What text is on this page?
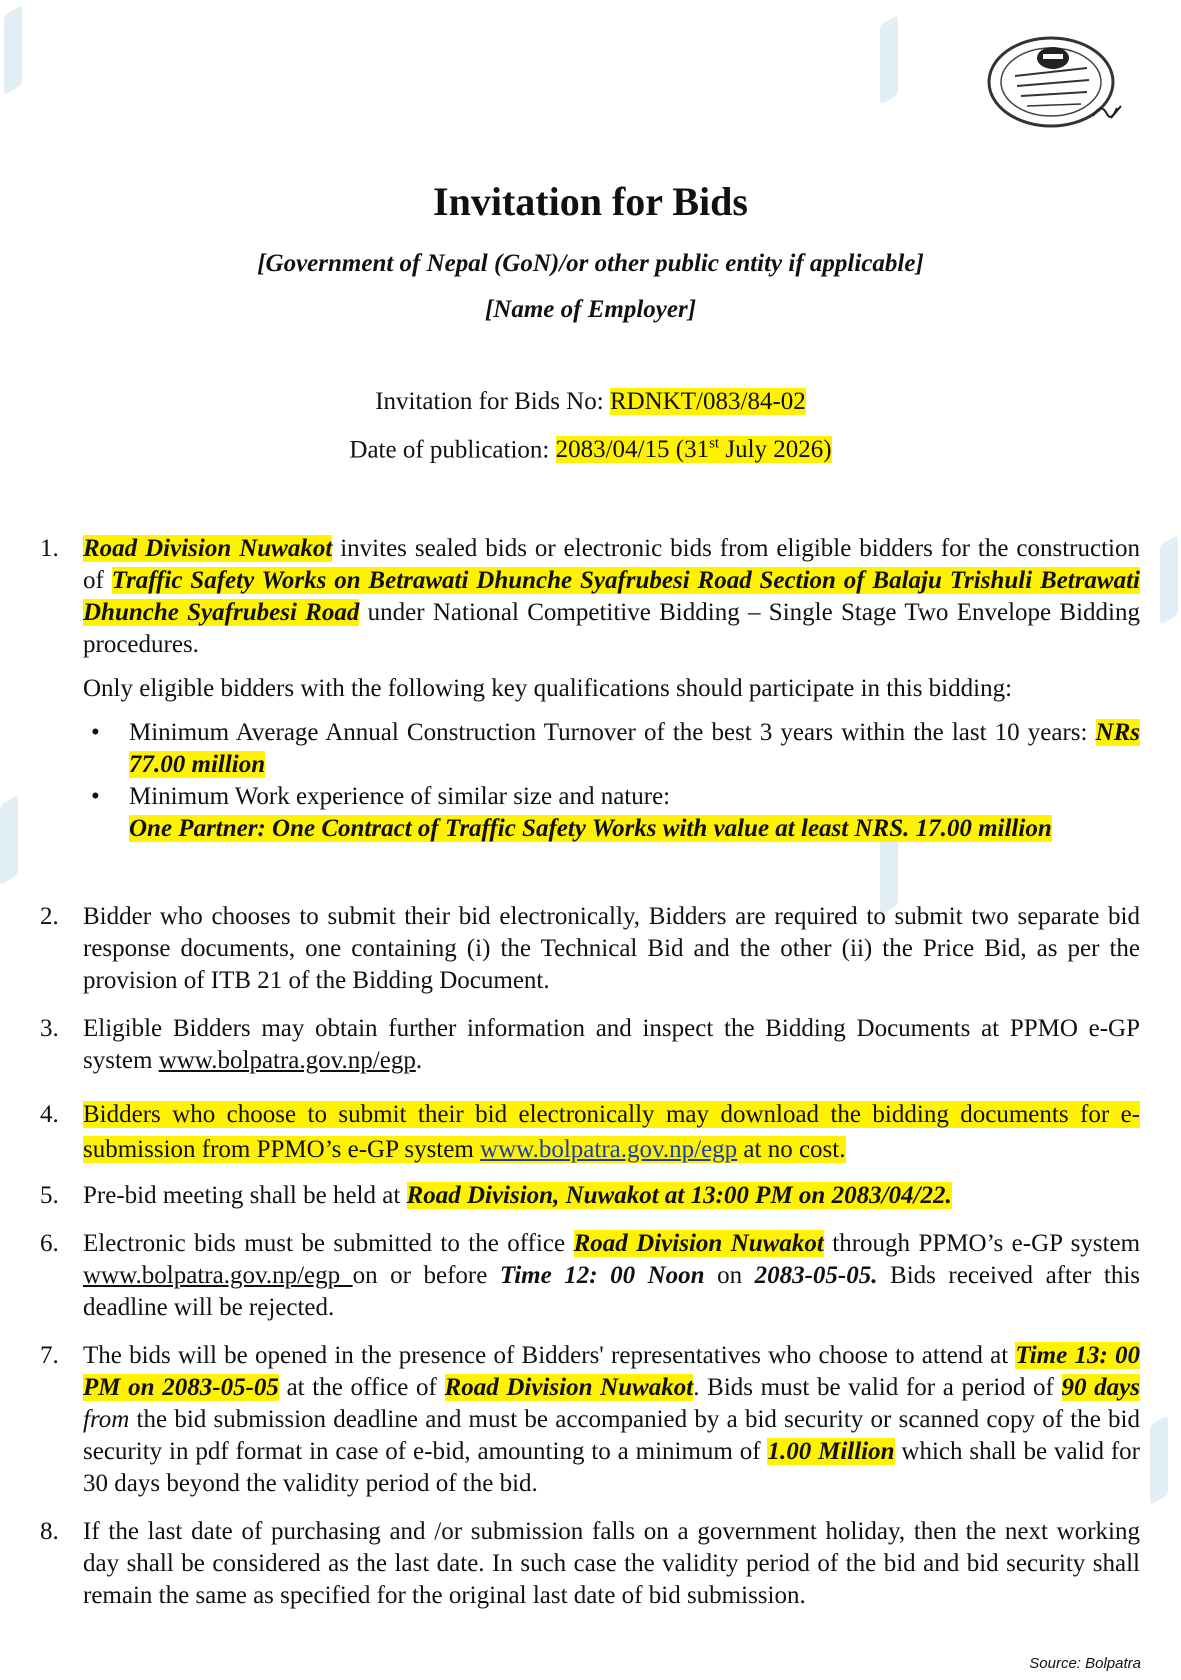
Invitation for Bids
[Government of Nepal (GoN)/or other public entity if applicable]
[Name of Employer]
Invitation for Bids No: RDNKT/083/84-02
Date of publication: 2083/04/15 (31st July 2026)
1. Road Division Nuwakot invites sealed bids or electronic bids from eligible bidders for the construction of Traffic Safety Works on Betrawati Dhunche Syafrubesi Road Section of Balaju Trishuli Betrawati Dhunche Syafrubesi Road under National Competitive Bidding – Single Stage Two Envelope Bidding procedures.
Only eligible bidders with the following key qualifications should participate in this bidding:
• Minimum Average Annual Construction Turnover of the best 3 years within the last 10 years: NRs 77.00 million
• Minimum Work experience of similar size and nature:
One Partner: One Contract of Traffic Safety Works with value at least NRS. 17.00 million
2. Bidder who chooses to submit their bid electronically, Bidders are required to submit two separate bid response documents, one containing (i) the Technical Bid and the other (ii) the Price Bid, as per the provision of ITB 21 of the Bidding Document.
3. Eligible Bidders may obtain further information and inspect the Bidding Documents at PPMO e-GP system www.bolpatra.gov.np/egp.
4. Bidders who choose to submit their bid electronically may download the bidding documents for e-submission from PPMO’s e-GP system www.bolpatra.gov.np/egp at no cost.
5. Pre-bid meeting shall be held at Road Division, Nuwakot at 13:00 PM on 2083/04/22.
6. Electronic bids must be submitted to the office Road Division Nuwakot through PPMO’s e-GP system www.bolpatra.gov.np/egp on or before Time 12: 00 Noon on 2083-05-05. Bids received after this deadline will be rejected.
7. The bids will be opened in the presence of Bidders' representatives who choose to attend at Time 13: 00 PM on 2083-05-05 at the office of Road Division Nuwakot. Bids must be valid for a period of 90 days from the bid submission deadline and must be accompanied by a bid security or scanned copy of the bid security in pdf format in case of e-bid, amounting to a minimum of 1.00 Million which shall be valid for 30 days beyond the validity period of the bid.
8. If the last date of purchasing and /or submission falls on a government holiday, then the next working day shall be considered as the last date. In such case the validity period of the bid and bid security shall remain the same as specified for the original last date of bid submission.
Source: Bolpatra
